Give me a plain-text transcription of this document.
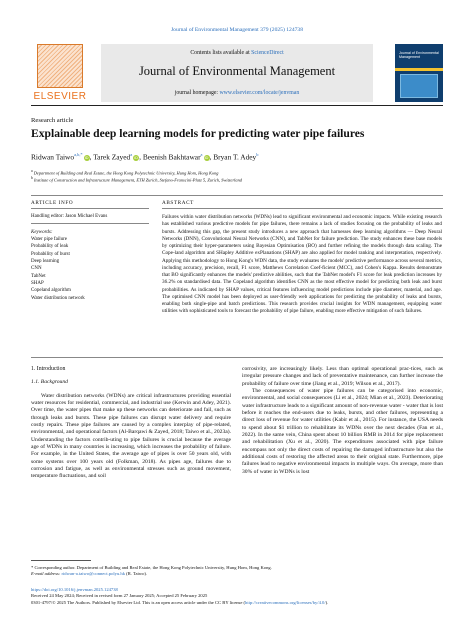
Journal of Environmental Management 379 (2025) 124738
ELSEVIER
Contents lists available at ScienceDirect
Journal of Environmental Management
journal homepage: www.elsevier.com/locate/jenvman
Journal of Environmental Management
Research article
Explainable deep learning models for predicting water pipe failures
Ridwan Taiwo$^{a,b,*}$iD, Tarek Zayed$^a$iD, Beenish Bakhtawar$^a$iD, Bryan T. Adey$^b$
$^a$ Department of Building and Real Estate, the Hong Kong Polytechnic University, Hung Hom, Hong Kong
$^b$ Institute of Construction and Infrastructure Management, ETH Zurich, Stefano-Franscini-Platz 5, Zurich, Switzerland
ARTICLE INFO	ABSTRACT
Handling editor: Jason Michael Evans
Keywords:
Water pipe failure
Probability of leak
Probability of burst
Deep learning
CNN
TabNet
SHAP
Copeland algorithm
Water distribution network
Failures within water distribution networks (WDNs) lead to significant environmental and economic impacts. While existing research has established various predictive models for pipe failures, there remains a lack of studies focusing on the probability of leaks and bursts. Addressing this gap, the present study introduces a new approach that harnesses deep learning algorithms — Deep Neural Networks (DNN), Convolutional Neural Networks (CNN), and TabNet for failure prediction. The study enhances these base models by optimizing their hyper-parameters using Bayesian Optimisation (BO) and further refining the models through data scaling. The Cope-land algorithm and SHapley Additive exPlanations (SHAP) are also applied for model ranking and interpretation, respectively. Applying this methodology to Hong Kong's WDN data, the study evaluates the models' predictive performance across several metrics, including accuracy, precision, recall, F1 score, Matthews Correlation Coef-ficient (MCC), and Cohen's Kappa. Results demonstrate that BO significantly enhances the models' predictive abilities, such that the TabNet model's F1 score for leak prediction increases by 36.2% on standardised data. The Copeland algorithm identifies CNN as the most effective model for predicting both leak and burst probabilities. As indicated by SHAP values, critical features influencing model predictions include pipe diameter, material, and age. The optimised CNN model has been deployed as user-friendly web applications for predicting the probability of leaks and bursts, enabling both single-pipe and batch predictions. This research provides crucial insights for WDN management, equipping water utilities with sophisticated tools to forecast the probability of pipe failure, enabling more effective mitigation of such failures.
1. Introduction
1.1. Background

Water distribution networks (WDNs) are critical infrastructures providing essential water resources for residential, commercial, and industrial use (Kerwin and Adey, 2021). Over time, the water pipes that make up these networks can deteriorate and fail, such as through leaks and bursts. These pipe failures can disrupt water delivery and require costly repairs. These pipe failures are caused by a complex interplay of pipe-related, environmental, and operational factors (Al-Barqawi & Zayed, 2018; Taiwo et al., 2023a). Understanding the factors contrib-uting to pipe failures is crucial because the average age of WDNs in many countries is increasing, which increases the probability of failure. For example, in the United States, the average age of pipes is over 50 years old, with some systems over 100 years old (Folkman, 2018). As pipes age, failures due to corrosion and fatigue, as well as environmental stresses such as ground movement, temperature fluctuations, and soil

corrosivity, are increasingly likely. Less than optimal operational prac-tices, such as irregular pressure changes and lack of preventative maintenance, can further increase the probability of failure over time (Jiang et al., 2019; Wilson et al., 2017).

The consequences of water pipe failures can be categorised into economic, environmental, and social consequences (Li et al., 2024; Mian et al., 2023). Deteriorating water infrastructure leads to a significant amount of non-revenue water - water that is lost before it reaches the end-users due to leaks, bursts, and other failures, representing a direct loss of revenue for water utilities (Kabir et al., 2015). For instance, the USA needs to spend about $1 trillion to rehabilitate its WDNs over the next decades (Fan et al., 2022). In the same vein, China spent about 10 billion RMB in 2014 for pipe replacement and rehabilitation (Xu et al., 2020). The expenditures associated with pipe failure encompass not only the direct costs of repairing the damaged infrastructure but also the additional costs of restoring the affected areas to their original state. Furthermore, pipe failures lead to negative environmental impacts in multiple ways. On average, more than 30% of water in WDNs is lost

* Corresponding author. Department of Building and Real Estate, the Hong Kong Polytechnic University, Hung Hom, Hong Kong.
E-mail address: ridwan-a.taiwo@connect.polyu.hk (R. Taiwo).
https://doi.org/10.1016/j.jenvman.2025.124738
Received 24 May 2024; Received in revised form 27 January 2025; Accepted 25 February 2025
0301-4797/© 2025 The Authors. Published by Elsevier Ltd. This is an open access article under the CC BY license (http://creativecommons.org/licenses/by/4.0/).
